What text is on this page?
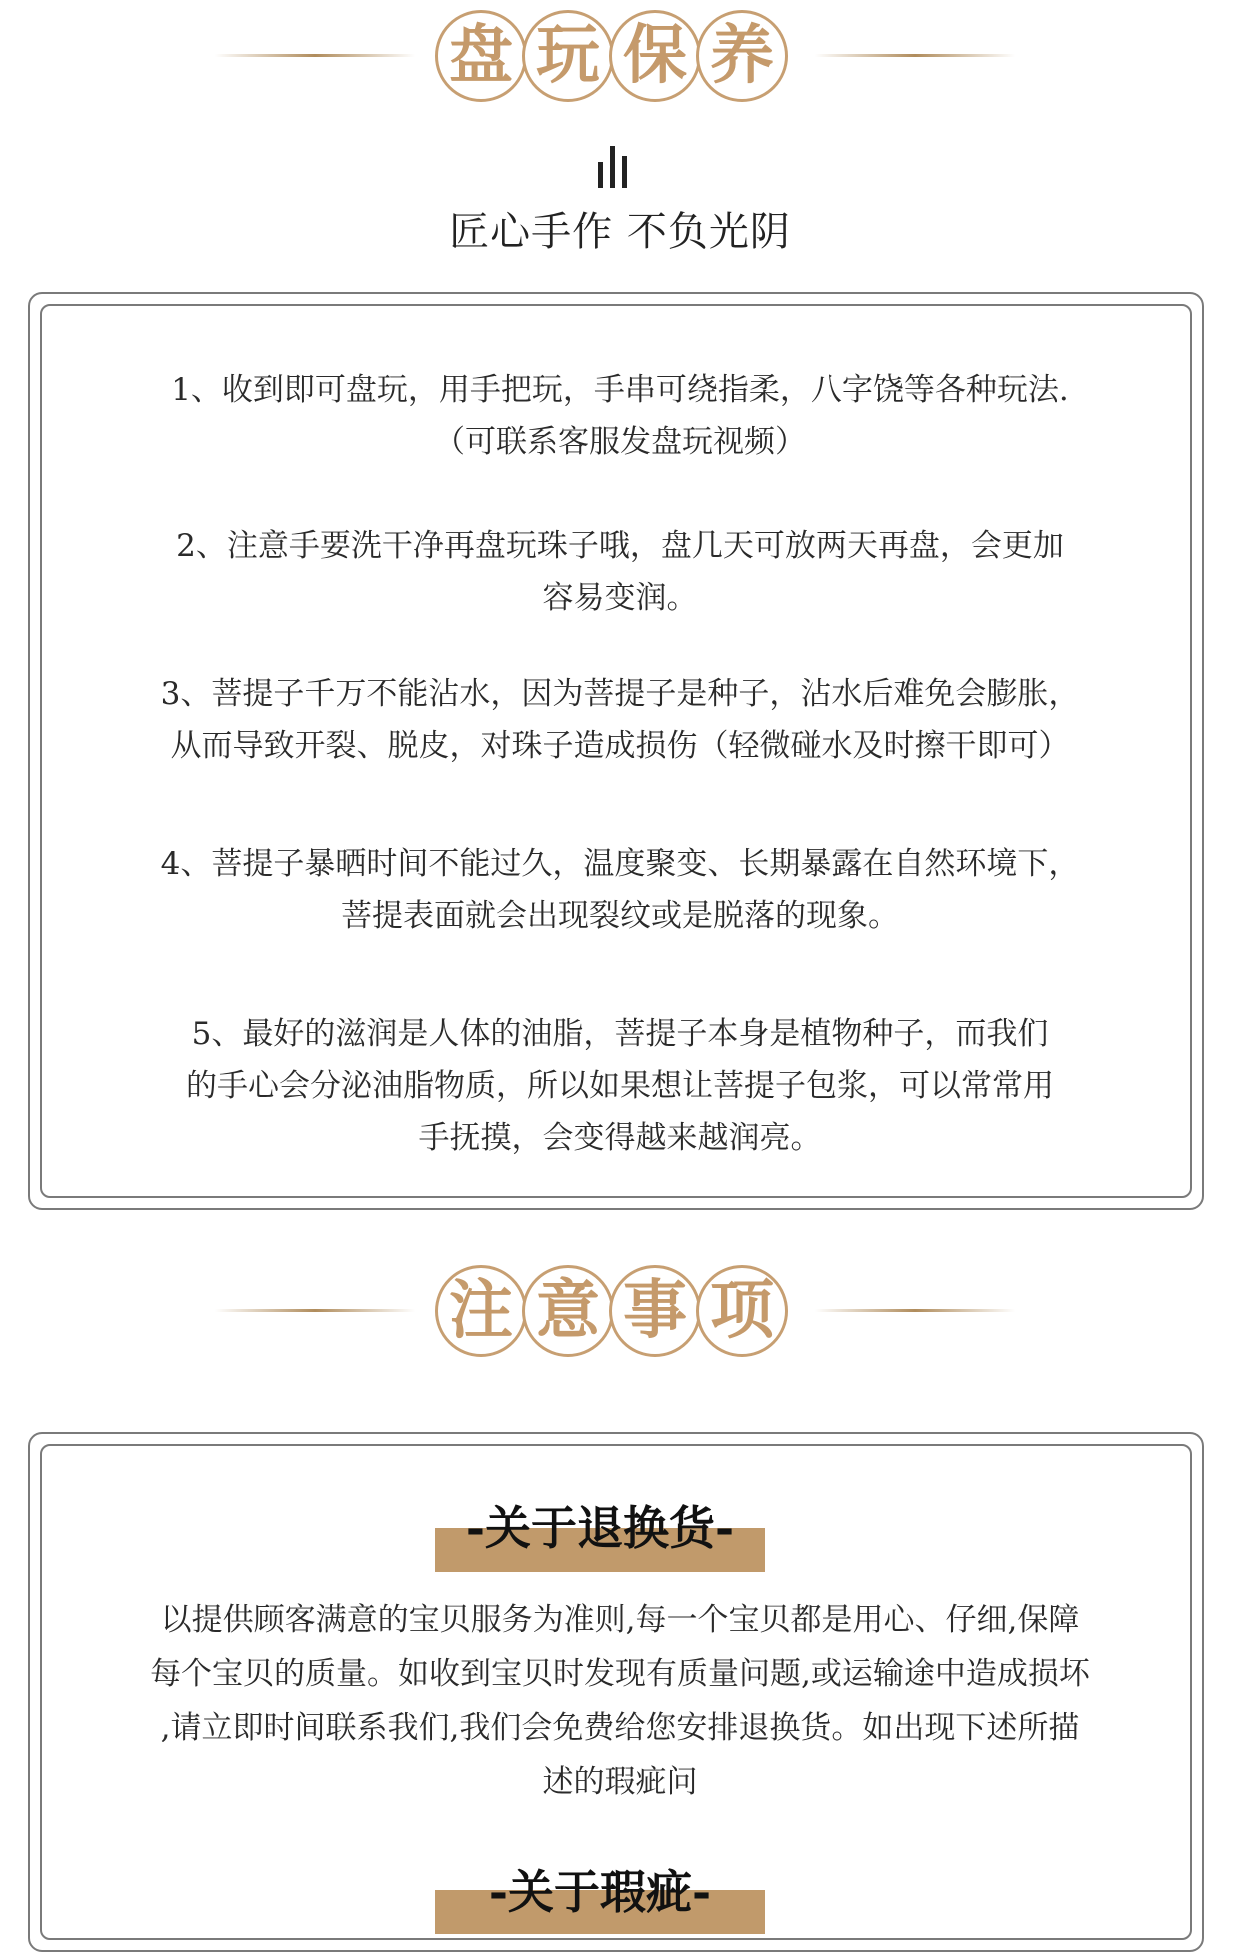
盘 玩 保 养
匠心手作 不负光阴
1、收到即可盘玩，用手把玩，手串可绕指柔，八字饶等各种玩法.
（可联系客服发盘玩视频）
2、注意手要洗干净再盘玩珠子哦，盘几天可放两天再盘，会更加
容易变润。
3、菩提子千万不能沾水，因为菩提子是种子，沾水后难免会膨胀，
从而导致开裂、脱皮，对珠子造成损伤（轻微碰水及时擦干即可）
4、菩提子暴晒时间不能过久，温度聚变、长期暴露在自然环境下，
菩提表面就会出现裂纹或是脱落的现象。
5、最好的滋润是人体的油脂，菩提子本身是植物种子，而我们
的手心会分泌油脂物质，所以如果想让菩提子包浆，可以常常用
手抚摸，会变得越来越润亮。
注 意 事 项
-关于退换货-
以提供顾客满意的宝贝服务为准则,每一个宝贝都是用心、仔细,保障
每个宝贝的质量。如收到宝贝时发现有质量问题,或运输途中造成损坏
,请立即时间联系我们,我们会免费给您安排退换货。如出现下述所描
述的瑕疵问
-关于瑕疵-
